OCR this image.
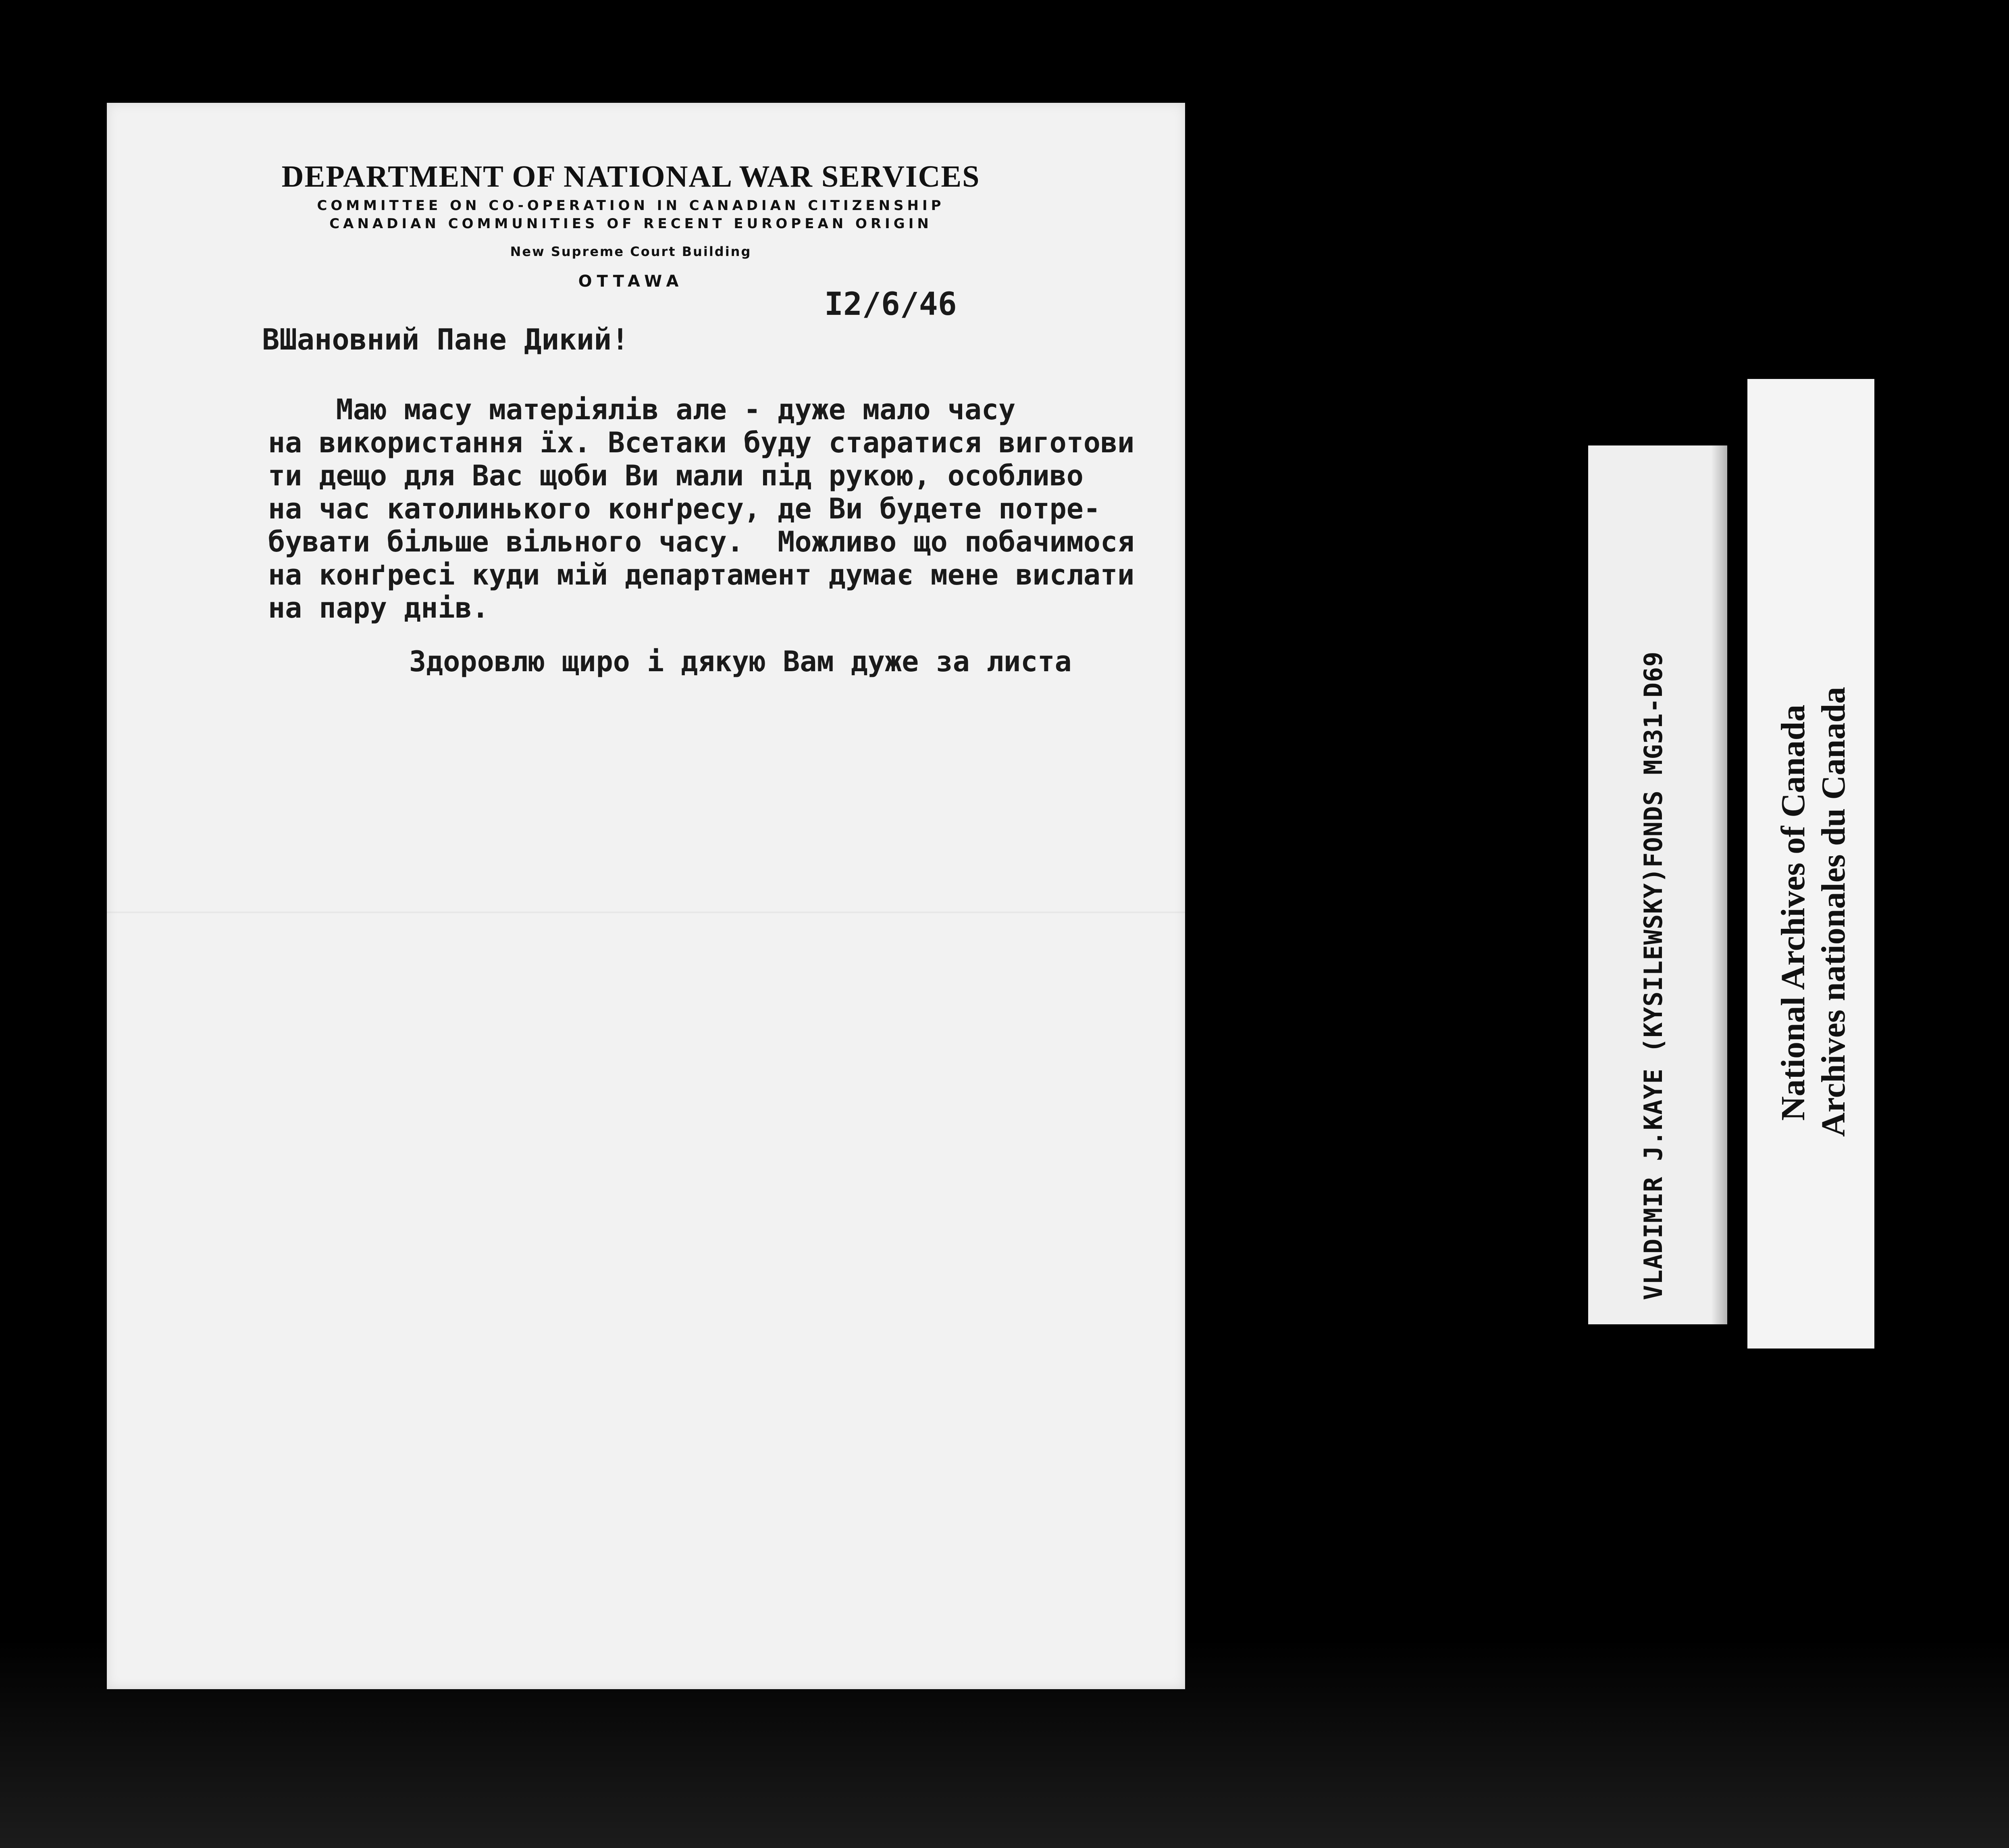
DEPARTMENT OF NATIONAL WAR SERVICES
COMMITTEE ON CO-OPERATION IN CANADIAN CITIZENSHIP
CANADIAN COMMUNITIES OF RECENT EUROPEAN ORIGIN
New Supreme Court Building
OTTAWA
I2/6/46
ВШановний Пане Дикий!
Маю масу матеріялів але - дуже мало часу
на використання їх. Всетаки буду старатися виготови
ти дещо для Вас щоби Ви мали під рукою, особливо
на час католинького конґресу, де Ви будете потре-
бувати більше вільного часу.  Можливо що побачимося
на конґресі куди мій департамент думає мене вислати
на пару днів.
Здоровлю щиро і дякую Вам дуже за листа	VLADIMIR J.KAYE (KYSILEWSKY)FONDS MG31-D69	National Archives of Canada Archives nationales du Canada
